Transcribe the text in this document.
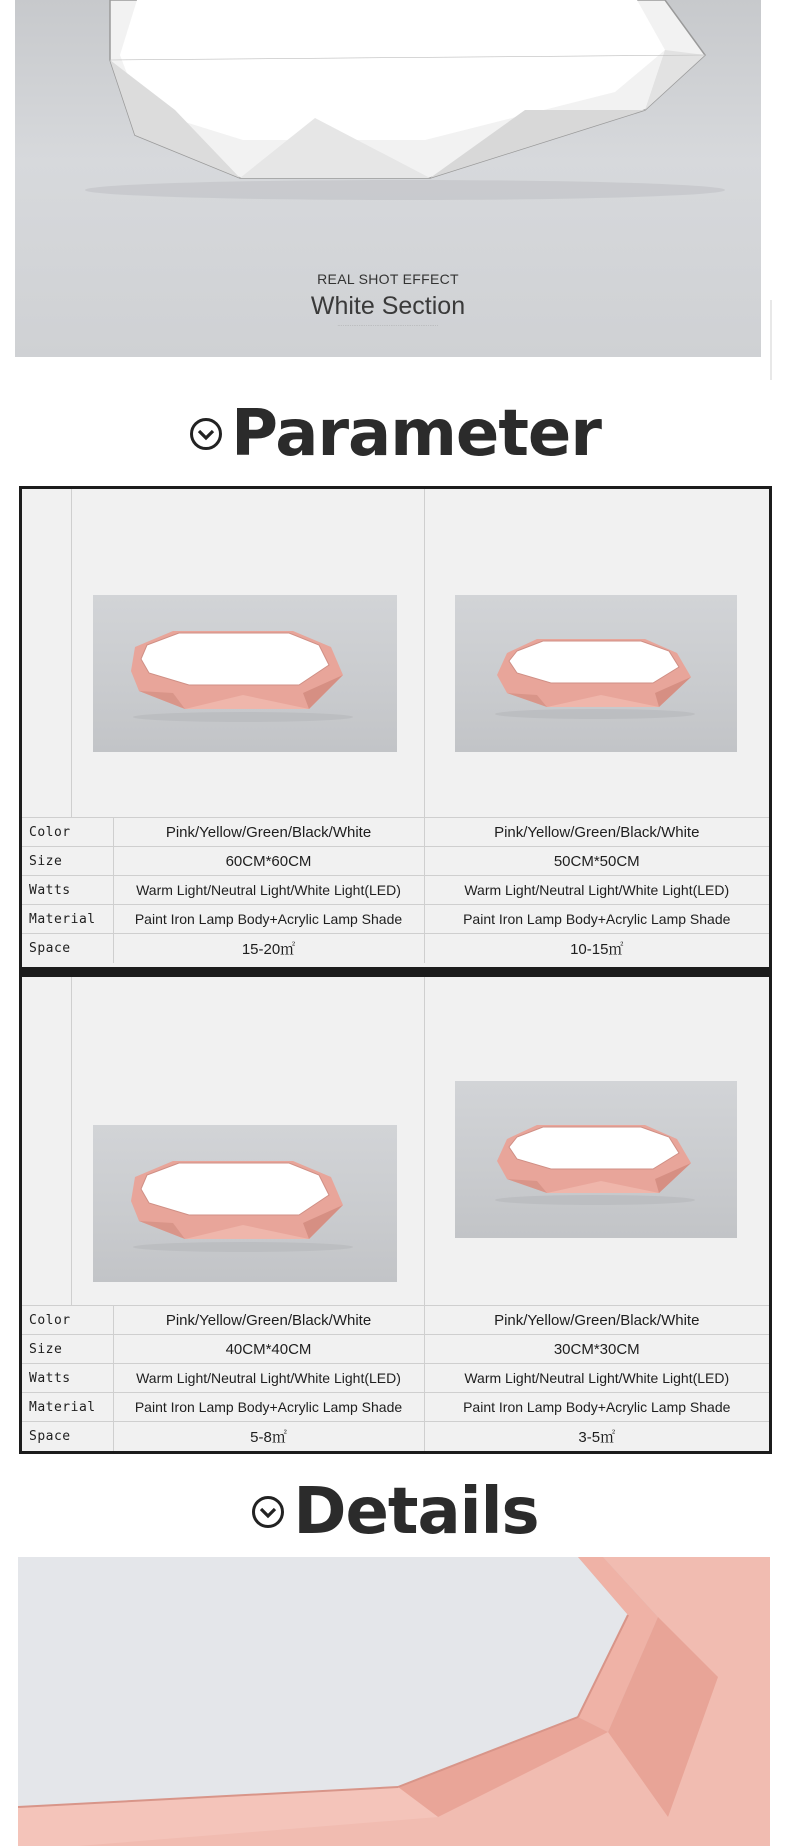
REAL SHOT EFFECT
White Section
·························································
Parameter
Color	Pink/Yellow/Green/Black/White	Pink/Yellow/Green/Black/White
Size	60CM*60CM	50CM*50CM
Watts	Warm Light/Neutral Light/White Light(LED)	Warm Light/Neutral Light/White Light(LED)
Material	Paint Iron Lamp Body+Acrylic Lamp Shade	Paint Iron Lamp Body+Acrylic Lamp Shade
Space	15-20㎡	10-15㎡
Color	Pink/Yellow/Green/Black/White	Pink/Yellow/Green/Black/White
Size	40CM*40CM	30CM*30CM
Watts	Warm Light/Neutral Light/White Light(LED)	Warm Light/Neutral Light/White Light(LED)
Material	Paint Iron Lamp Body+Acrylic Lamp Shade	Paint Iron Lamp Body+Acrylic Lamp Shade
Space	5-8㎡	3-5㎡
Details
